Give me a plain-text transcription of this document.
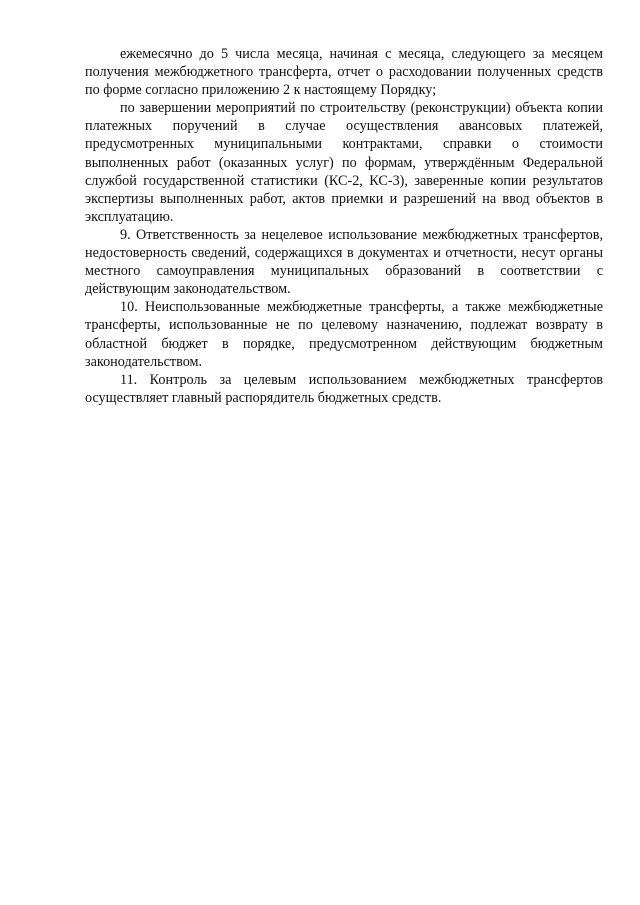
ежемесячно до 5 числа месяца, начиная с месяца, следующего за месяцем получения межбюджетного трансферта, отчет о расходовании полученных средств по форме согласно приложению 2 к настоящему Порядку;

по завершении мероприятий по строительству (реконструкции) объекта копии платежных поручений в случае осуществления авансовых платежей, предусмотренных муниципальными контрактами, справки о стоимости выполненных работ (оказанных услуг) по формам, утверждённым Федеральной службой государственной статистики (КС-2, КС-3), заверенные копии результатов экспертизы выполненных работ, актов приемки и разрешений на ввод объектов в эксплуатацию.

9. Ответственность за нецелевое использование межбюджетных трансфертов, недостоверность сведений, содержащихся в документах и отчетности, несут органы местного самоуправления муниципальных образований в соответствии с действующим законодательством.

10. Неиспользованные межбюджетные трансферты, а также межбюджетные трансферты, использованные не по целевому назначению, подлежат возврату в областной бюджет в порядке, предусмотренном действующим бюджетным законодательством.

11. Контроль за целевым использованием межбюджетных трансфертов осуществляет главный распорядитель бюджетных средств.
